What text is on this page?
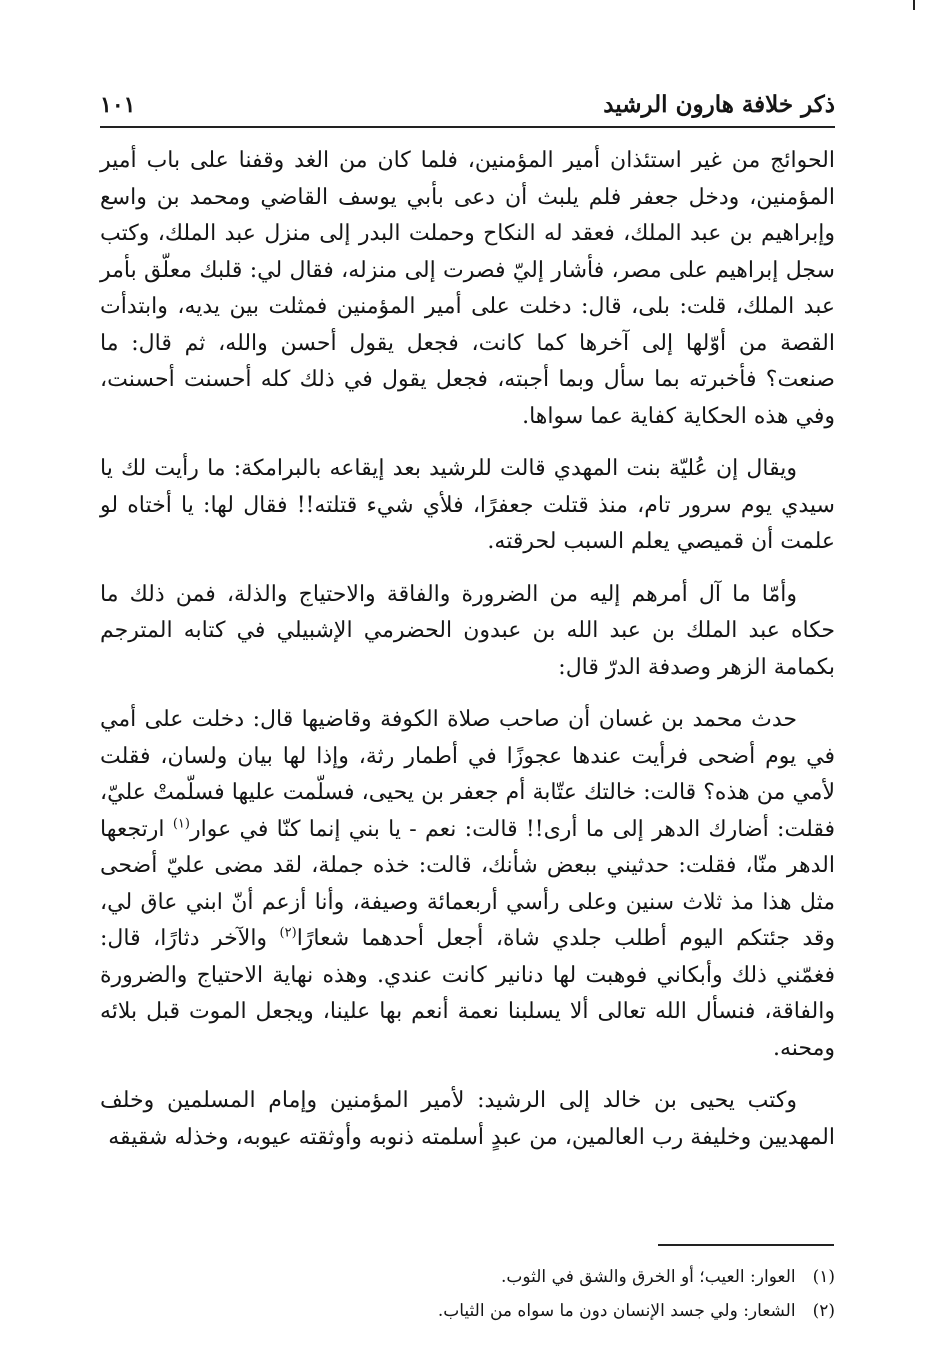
ذكر خلافة هارون الرشيد
١٠١

الحوائج من غير استئذان أمير المؤمنين، فلما كان من الغد وقفنا على باب أمير المؤمنين، ودخل جعفر فلم يلبث أن دعى بأبي يوسف القاضي ومحمد بن واسع وإبراهيم بن عبد الملك، فعقد له النكاح وحملت البدر إلى منزل عبد الملك، وكتب سجل إبراهيم على مصر، فأشار إليّ فصرت إلى منزله، فقال لي: قلبك معلّق بأمر عبد الملك، قلت: بلى، قال: دخلت على أمير المؤمنين فمثلت بين يديه، وابتدأت القصة من أوّلها إلى آخرها كما كانت، فجعل يقول أحسن والله، ثم قال: ما صنعت؟ فأخبرته بما سأل وبما أجبته، فجعل يقول في ذلك كله أحسنت أحسنت، وفي هذه الحكاية كفاية عما سواها.

ويقال إن عُليّة بنت المهدي قالت للرشيد بعد إيقاعه بالبرامكة: ما رأيت لك يا سيدي يوم سرور تام، منذ قتلت جعفرًا، فلأي شيء قتلته!! فقال لها: يا أختاه لو علمت أن قميصي يعلم السبب لحرقته.

وأمّا ما آل أمرهم إليه من الضرورة والفاقة والاحتياج والذلة، فمن ذلك ما حكاه عبد الملك بن عبد الله بن عبدون الحضرمي الإشبيلي في كتابه المترجم بكمامة الزهر وصدفة الدرّ قال:

حدث محمد بن غسان أن صاحب صلاة الكوفة وقاضيها قال: دخلت على أمي في يوم أضحى فرأيت عندها عجوزًا في أطمار رثة، وإذا لها بيان ولسان، فقلت لأمي من هذه؟ قالت: خالتك عتّابة أم جعفر بن يحيى، فسلّمت عليها فسلّمتْ عليّ، فقلت: أضارك الدهر إلى ما أرى!! قالت: نعم - يا بني إنما كنّا في عوار$^{(١)}$ ارتجعها الدهر منّا، فقلت: حدثيني ببعض شأنك، قالت: خذه جملة، لقد مضى عليّ أضحى مثل هذا مذ ثلاث سنين وعلى رأسي أربعمائة وصيفة، وأنا أزعم أنّ ابني عاق لي، وقد جئتكم اليوم أطلب جلدي شاة، أجعل أحدهما شعارًا$^{(٢)}$ والآخر دثارًا، قال: فغمّني ذلك وأبكاني فوهبت لها دنانير كانت عندي. وهذه نهاية الاحتياج والضرورة والفاقة، فنسأل الله تعالى ألا يسلبنا نعمة أنعم بها علينا، ويجعل الموت قبل بلائه ومحنه.

وكتب يحيى بن خالد إلى الرشيد: لأمير المؤمنين وإمام المسلمين وخلف المهديين وخليفة رب العالمين، من عبدٍ أسلمته ذنوبه وأوثقته عيوبه، وخذله شقيقه

(١) العوار: العيب؛ أو الخرق والشق في الثوب.

(٢) الشعار: ولي جسد الإنسان دون ما سواه من الثياب.
